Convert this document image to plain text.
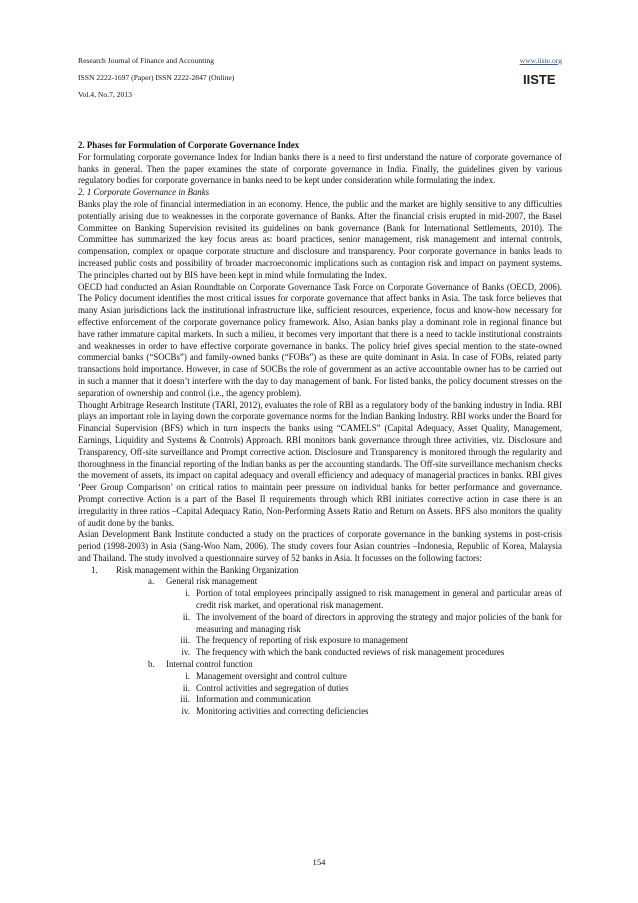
Research Journal of Finance and Accounting
ISSN 2222-1697 (Paper) ISSN 2222-2847 (Online)
Vol.4, No.7, 2013
www.iiste.org
IISTE

2. Phases for Formulation of Corporate Governance Index

For formulating corporate governance Index for Indian banks there is a need to first understand the nature of corporate governance of banks in general. Then the paper examines the state of corporate governance in India. Finally, the guidelines given by various regulatory bodies for corporate governance in banks need to be kept under consideration while formulating the index.

2. 1 Corporate Governance in Banks

Banks play the role of financial intermediation in an economy. Hence, the public and the market are highly sensitive to any difficulties potentially arising due to weaknesses in the corporate governance of Banks. After the financial crisis erupted in mid-2007, the Basel Committee on Banking Supervision revisited its guidelines on bank governance (Bank for International Settlements, 2010). The Committee has summarized the key focus areas as: board practices, senior management, risk management and internal controls, compensation, complex or opaque corporate structure and disclosure and transparency. Poor corporate governance in banks leads to increased public costs and possibility of broader macroeconomic implications such as contagion risk and impact on payment systems. The principles charted out by BIS have been kept in mind while formulating the Index.

OECD had conducted an Asian Roundtable on Corporate Governance Task Force on Corporate Governance of Banks (OECD, 2006). The Policy document identifies the most critical issues for corporate governance that affect banks in Asia. The task force believes that many Asian jurisdictions lack the institutional infrastructure like, sufficient resources, experience, focus and know-how necessary for effective enforcement of the corporate governance policy framework. Also, Asian banks play a dominant role in regional finance but have rather immature capital markets. In such a milieu, it becomes very important that there is a need to tackle institutional constraints and weaknesses in order to have effective corporate governance in banks. The policy brief gives special mention to the state-owned commercial banks (“SOCBs”) and family-owned banks (“FOBs”) as these are quite dominant in Asia. In case of FOBs, related party transactions hold importance. However, in case of SOCBs the role of government as an active accountable owner has to be carried out in such a manner that it doesn’t interfere with the day to day management of bank. For listed banks, the policy document stresses on the separation of ownership and control (i.e., the agency problem).

Thought Arbitrage Research Institute (TARI, 2012), evaluates the role of RBI as a regulatory body of the banking industry in India. RBI plays an important role in laying down the corporate governance norms for the Indian Banking Industry. RBI works under the Board for Financial Supervision (BFS) which in turn inspects the banks using “CAMELS” (Capital Adequacy, Asset Quality, Management, Earnings, Liquidity and Systems & Controls) Approach. RBI monitors bank governance through three activities, viz. Disclosure and Transparency, Off-site surveillance and Prompt corrective action. Disclosure and Transparency is monitored through the regularity and thoroughness in the financial reporting of the Indian banks as per the accounting standards. The Off-site surveillance mechanism checks the movement of assets, its impact on capital adequacy and overall efficiency and adequacy of managerial practices in banks. RBI gives ‘Peer Group Comparison’ on critical ratios to maintain peer pressure on individual banks for better performance and governance. Prompt corrective Action is a part of the Basel II requirements through which RBI initiates corrective action in case there is an irregularity in three ratios –Capital Adequacy Ratio, Non-Performing Assets Ratio and Return on Assets. BFS also monitors the quality of audit done by the banks.

Asian Development Bank Institute conducted a study on the practices of corporate governance in the banking systems in post-crisis period (1998-2003) in Asia (Sang-Woo Nam, 2006). The study covers four Asian countries –Indonesia, Republic of Korea, Malaysia and Thailand. The study involved a questionnaire survey of 52 banks in Asia. It focusses on the following factors:

1. Risk management within the Banking Organization
a. General risk management
i. Portion of total employees principally assigned to risk management in general and particular areas of credit risk market, and operational risk management.
ii. The involvement of the board of directors in approving the strategy and major policies of the bank for measuring and managing risk
iii. The frequency of reporting of risk exposure to management
iv. The frequency with which the bank conducted reviews of risk management procedures
b. Internal control function
i. Management oversight and control culture
ii. Control activities and segregation of duties
iii. Information and communication
iv. Monitoring activities and correcting deficiencies
154
